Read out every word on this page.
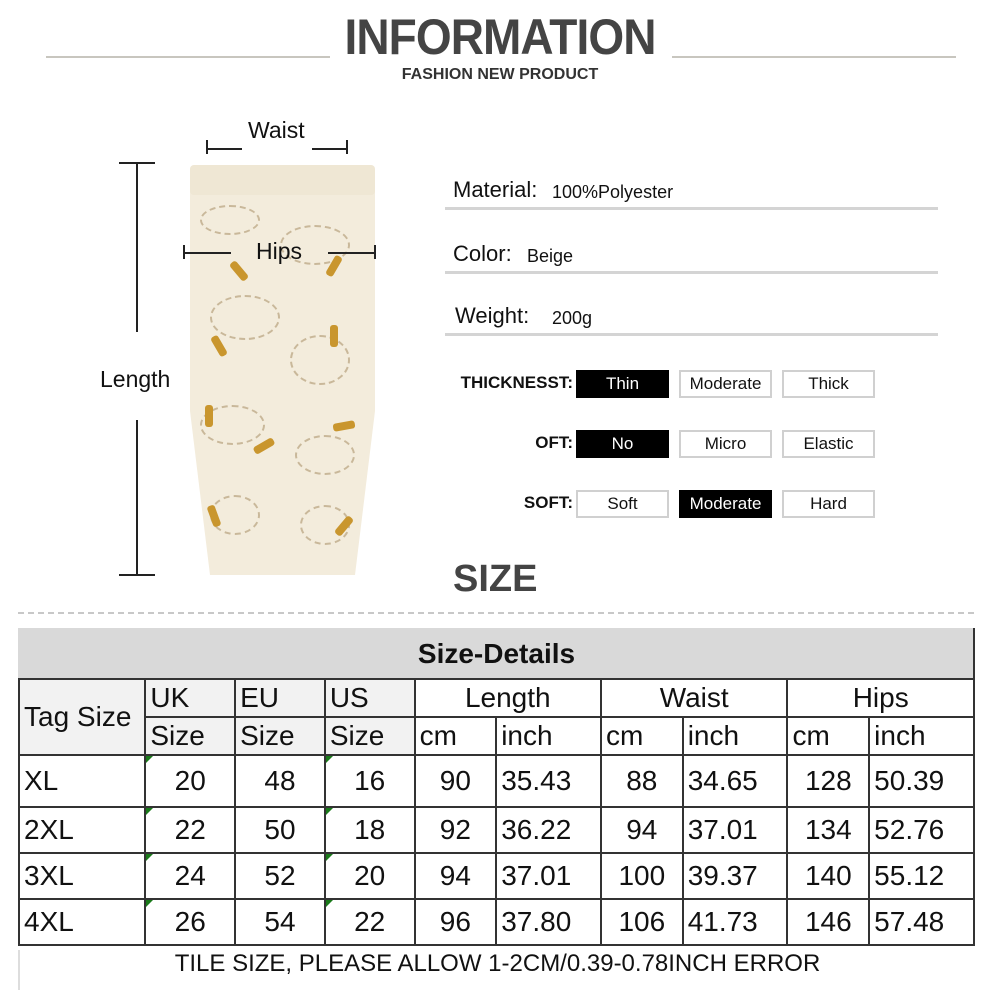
INFORMATION
FASHION NEW PRODUCT
Waist
Hips
Length
Material: 100%Polyester
Color: Beige
Weight: 200g
THICKNESST:	Thin	Moderate	Thick
OFT:	No	Micro	Elastic
SOFT:	Soft	Moderate	Hard
SIZE
Size-Details									
Tag Size	UK	EU	US	Length		Waist		Hips	
	Size	Size	Size	cm	inch	cm	inch	cm	inch
XL	20	48	16	90	35.43	88	34.65	128	50.39
2XL	22	50	18	92	36.22	94	37.01	134	52.76
3XL	24	52	20	94	37.01	100	39.37	140	55.12
4XL	26	54	22	96	37.80	106	41.73	146	57.48
TILE SIZE, PLEASE ALLOW 1-2CM/0.39-0.78INCH ERROR
